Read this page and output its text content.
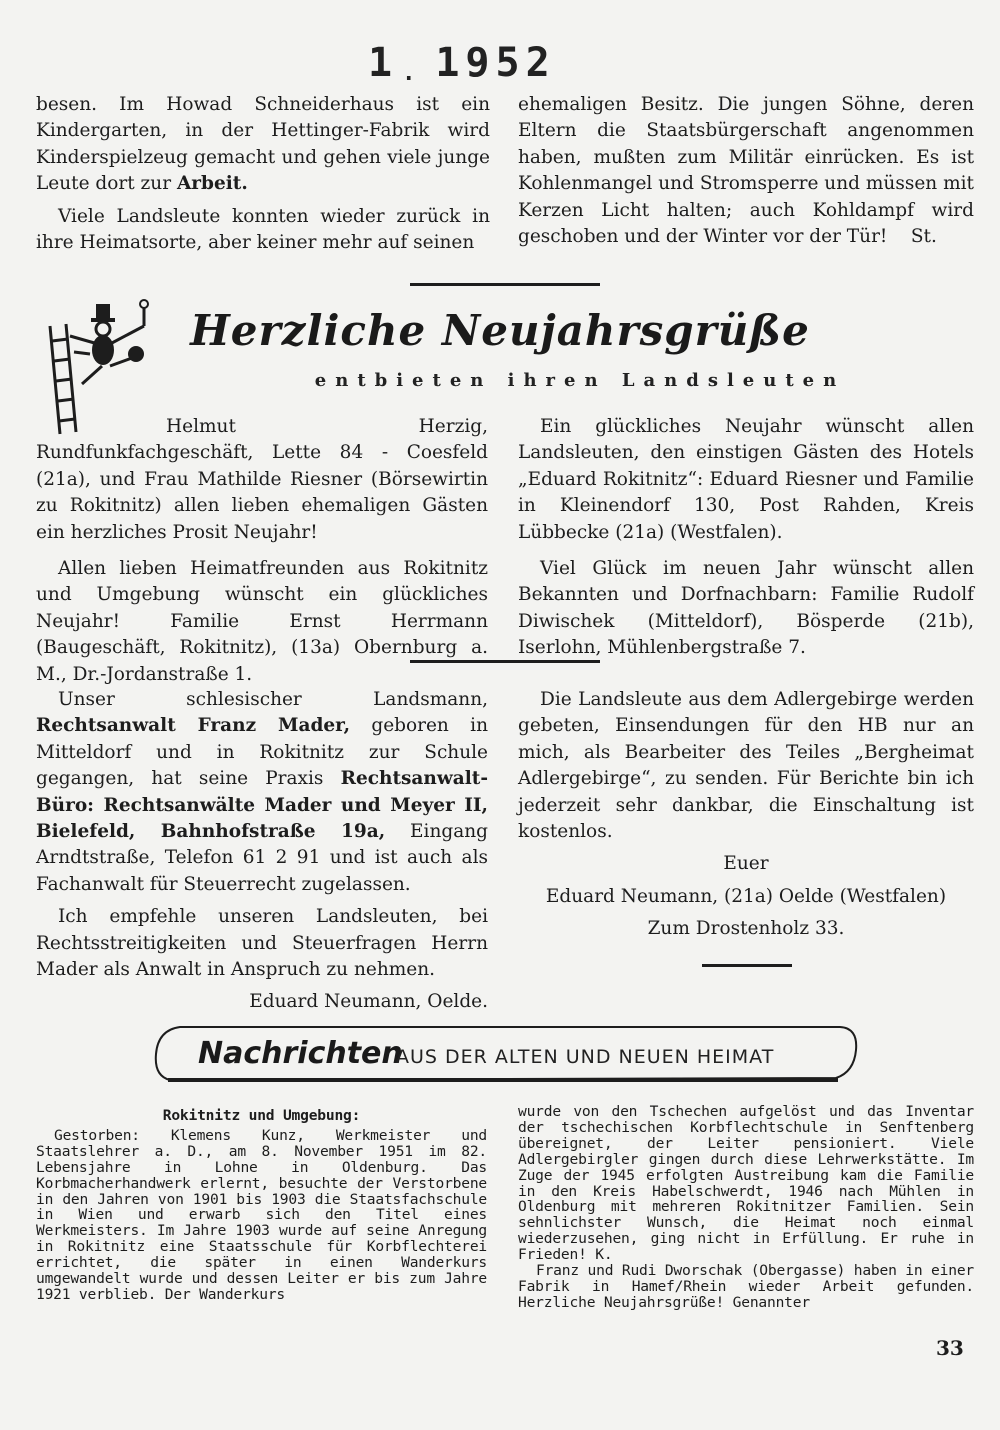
1 . 1952

besen. Im Howad Schneiderhaus ist ein Kindergarten, in der Hettinger-Fabrik wird Kinderspielzeug gemacht und gehen viele junge Leute dort zur Arbeit.

Viele Landsleute konnten wieder zurück in ihre Heimatsorte, aber keiner mehr auf seinen

ehemaligen Besitz. Die jungen Söhne, deren Eltern die Staatsbürgerschaft angenommen haben, mußten zum Militär einrücken. Es ist Kohlenmangel und Stromsperre und müssen mit Kerzen Licht halten; auch Kohldampf wird geschoben und der Winter vor der Tür! St.

Herzliche Neujahrsgrüße
entbieten ihren Landsleuten

Helmut Herzig, Rundfunkfachgeschäft, Lette 84 - Coesfeld (21a), und Frau Mathilde Riesner (Börsewirtin zu Rokitnitz) allen lieben ehemaligen Gästen ein herzliches Prosit Neujahr!

Allen lieben Heimatfreunden aus Rokitnitz und Umgebung wünscht ein glückliches Neujahr! Familie Ernst Herrmann (Baugeschäft, Rokitnitz), (13a) Obernburg a. M., Dr.-Jordanstraße 1.

Ein glückliches Neujahr wünscht allen Landsleuten, den einstigen Gästen des Hotels „Eduard Rokitnitz“: Eduard Riesner und Familie in Kleinendorf 130, Post Rahden, Kreis Lübbecke (21a) (Westfalen).

Viel Glück im neuen Jahr wünscht allen Bekannten und Dorfnachbarn: Familie Rudolf Diwischek (Mitteldorf), Bösperde (21b), Iserlohn, Mühlenbergstraße 7.

Unser schlesischer Landsmann, Rechtsanwalt Franz Mader, geboren in Mitteldorf und in Rokitnitz zur Schule gegangen, hat seine Praxis Rechtsanwalt-Büro: Rechtsanwälte Mader und Meyer II, Bielefeld, Bahnhofstraße 19a, Eingang Arndtstraße, Telefon 61 2 91 und ist auch als Fachanwalt für Steuerrecht zugelassen.

Ich empfehle unseren Landsleuten, bei Rechtsstreitigkeiten und Steuerfragen Herrn Mader als Anwalt in Anspruch zu nehmen.

Eduard Neumann, Oelde.

Die Landsleute aus dem Adlergebirge werden gebeten, Einsendungen für den HB nur an mich, als Bearbeiter des Teiles „Bergheimat Adlergebirge“, zu senden. Für Berichte bin ich jederzeit sehr dankbar, die Einschaltung ist kostenlos.

Euer

Eduard Neumann, (21a) Oelde (Westfalen)

Zum Drostenholz 33.

Nachrichten
AUS DER ALTEN UND NEUEN HEIMAT

Rokitnitz und Umgebung:

Gestorben: Klemens Kunz, Werkmeister und Staatslehrer a. D., am 8. November 1951 im 82. Lebensjahre in Lohne in Oldenburg. Das Korbmacherhandwerk erlernt, besuchte der Verstorbene in den Jahren von 1901 bis 1903 die Staatsfachschule in Wien und erwarb sich den Titel eines Werkmeisters. Im Jahre 1903 wurde auf seine Anregung in Rokitnitz eine Staatsschule für Korbflechterei errichtet, die später in einen Wanderkurs umgewandelt wurde und dessen Leiter er bis zum Jahre 1921 verblieb. Der Wanderkurs

wurde von den Tschechen aufgelöst und das Inventar der tschechischen Korbflechtschule in Senftenberg übereignet, der Leiter pensioniert. Viele Adlergebirgler gingen durch diese Lehrwerkstätte. Im Zuge der 1945 erfolgten Austreibung kam die Familie in den Kreis Habelschwerdt, 1946 nach Mühlen in Oldenburg mit mehreren Rokitnitzer Familien. Sein sehnlichster Wunsch, die Heimat noch einmal wiederzusehen, ging nicht in Erfüllung. Er ruhe in Frieden! K.

Franz und Rudi Dworschak (Obergasse) haben in einer Fabrik in Hamef/Rhein wieder Arbeit gefunden. Herzliche Neujahrsgrüße! Genannter

33
